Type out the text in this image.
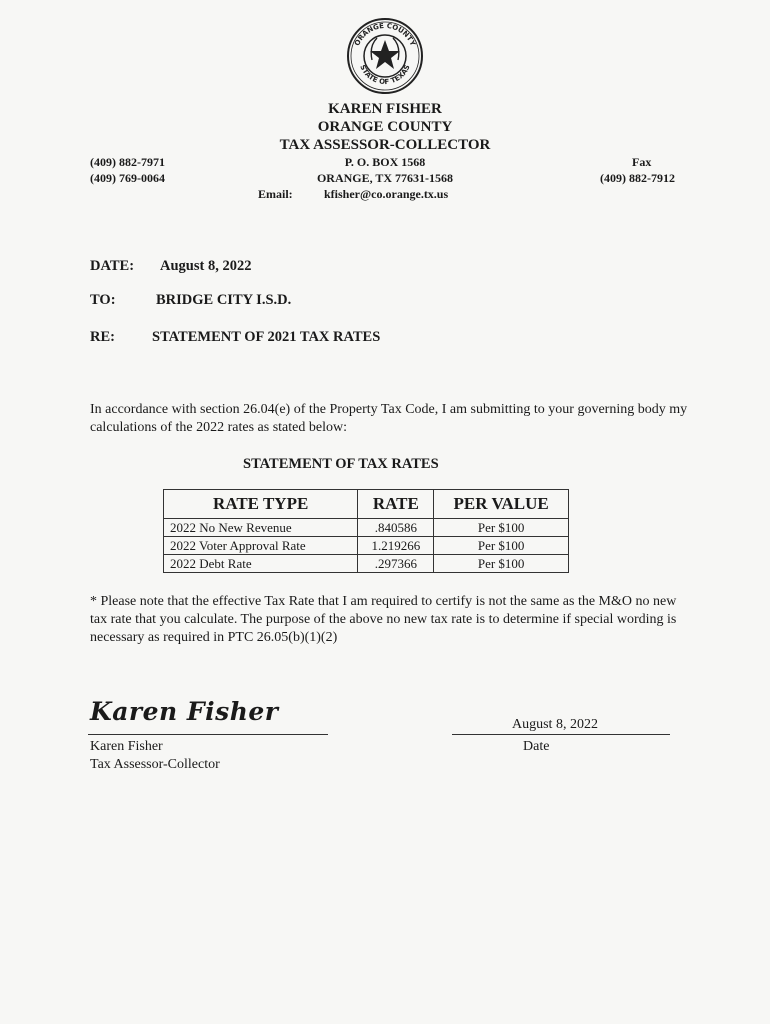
ORANGE COUNTY
STATE OF TEXAS
KAREN FISHER
ORANGE COUNTY
TAX ASSESSOR-COLLECTOR
P. O. BOX 1568
ORANGE, TX 77631-1568
Email:	kfisher@co.orange.tx.us
(409) 882-7971
(409) 769-0064
Fax
(409) 882-7912
DATE: August 8, 2022
TO:	BRIDGE CITY I.S.D.
RE:	STATEMENT OF 2021 TAX RATES
In accordance with section 26.04(e) of the Property Tax Code, I am submitting to your governing body my calculations of the 2022 rates as stated below:
STATEMENT OF TAX RATES
RATE TYPE	RATE	PER VALUE
2022 No New Revenue	.840586	Per $100
2022 Voter Approval Rate	1.219266	Per $100
2022 Debt Rate	.297366	Per $100
* Please note that the effective Tax Rate that I am required to certify is not the same as the M&O no new tax rate that you calculate. The purpose of the above no new tax rate is to determine if special wording is necessary as required in PTC 26.05(b)(1)(2)
Karen Fisher
Karen Fisher
Tax Assessor-Collector
August 8, 2022
Date
